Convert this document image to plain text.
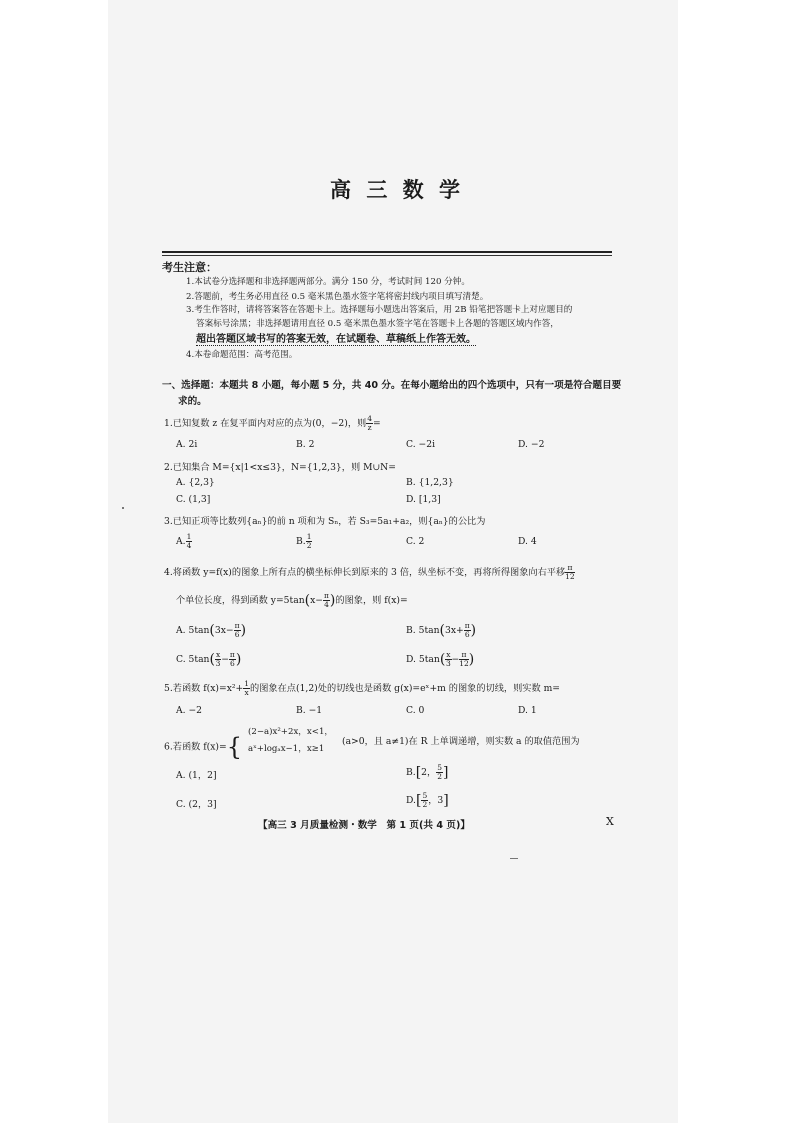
高 三 数 学
考生注意：
1.本试卷分选择题和非选择题两部分。满分 150 分，考试时间 120 分钟。
2.答题前，考生务必用直径 0.5 毫米黑色墨水签字笔将密封线内项目填写清楚。
3.考生作答时，请将答案答在答题卡上。选择题每小题选出答案后，用 2B 铅笔把答题卡上对应题目的
答案标号涂黑；非选择题请用直径 0.5 毫米黑色墨水签字笔在答题卡上各题的答题区域内作答，
超出答题区域书写的答案无效，在试题卷、草稿纸上作答无效。
4.本卷命题范围：高考范围。
一、选择题：本题共 8 小题，每小题 5 分，共 40 分。在每小题给出的四个选项中，只有一项是符合题目要
求的。
1.已知复数 z 在复平面内对应的点为(0，−2)，则 $\frac{4}{z}$ =
A. 2i	B. 2	C. −2i	D. −2
2.已知集合 M={x|1<x≤3}，N={1,2,3}，则 M∪N=
A. {2,3}	B. {1,2,3}
C. (1,3]	D. [1,3]
3.已知正项等比数列{aₙ}的前 n 项和为 Sₙ，若 S₃=5a₁+a₂，则{aₙ}的公比为
A. $\frac{1}{4}$	B. $\frac{1}{2}$	C. 2	D. 4
4.将函数 y=f(x)的图象上所有点的横坐标伸长到原来的 3 倍，纵坐标不变，再将所得图象向右平移 $\frac{\pi}{12}$
个单位长度，得到函数 $y=5\tan(x- \frac{\pi}{4}$ )的图象，则 f(x)=
A. $5\tan(3x- \frac{\pi}{6}$ )	B. $5\tan(3x+ \frac{\pi}{6}$ )
C. $5\tan( \frac{x}{3} - \frac{\pi}{6}$ )	D. $5\tan( \frac{x}{3} - \frac{\pi}{12}$ )
5.若函数 $f(x)=x^2+ \frac{1}{x}$ 的图象在点(1,2)处的切线也是函数 g(x)=eˣ+m 的图象的切线，则实数 m=
A. −2	B. −1	C. 0	D. 1
6.若函数 f(x)={
(2−a)x²+2x，x<1，
aˣ+logₐx−1，x≥1
(a>0，且 a≠1)在 R 上单调递增，则实数 a 的取值范围为
A. (1，2]	B.[2， $\frac{5}{2}$ ]
C. (2，3]	$D.[ \frac{5}{2}$ ，3]
【高三 3 月质量检测・数学　第 1 页(共 4 页)】	X
